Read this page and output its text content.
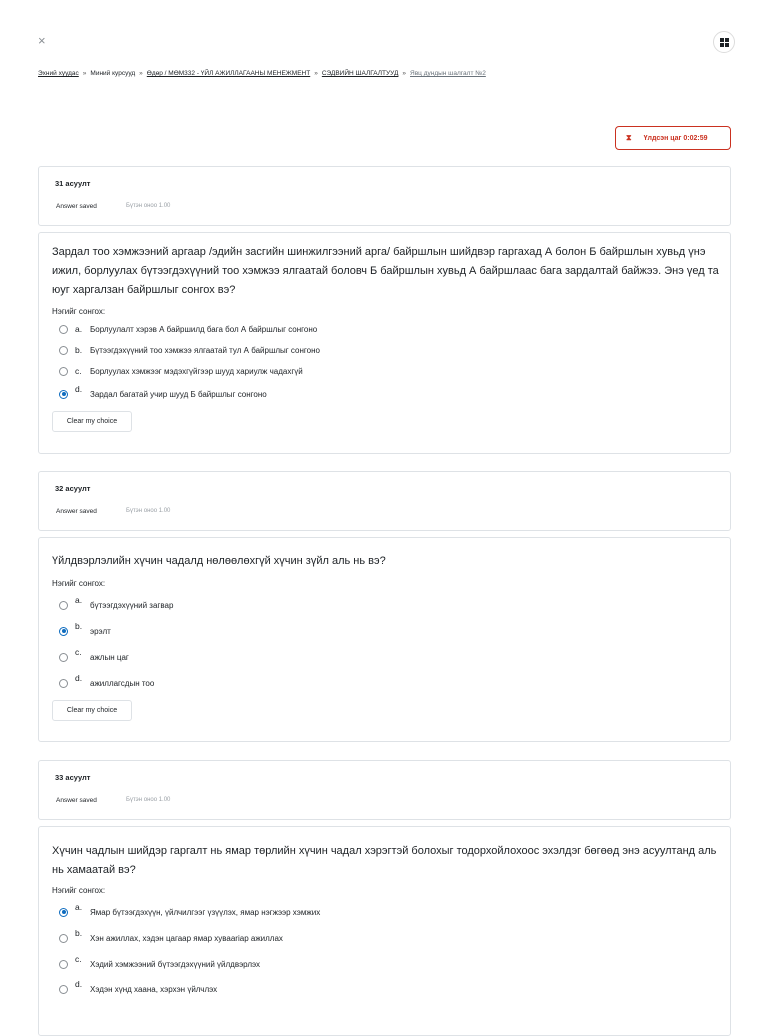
×
Эхний хуудас » Миний курсууд » Өдөр / МӨМ332 - ҮЙЛ АЖИЛЛАГААНЫ МЕНЕЖМЕНТ » СЭДВИЙН ШАЛГАЛТУУД » Явц дундын шалгалт №2
⧗ Үлдсэн цаг 0:02:59
31 асуулт
Answer saved	Бүтэн оноо 1.00
Зардал тоо хэмжээний аргаар /эдийн засгийн шинжилгээний арга/ байршлын шийдвэр гаргахад А болон Б байршлын хувьд үнэ ижил, борлуулах бүтээгдэхүүний тоо хэмжээ ялгаатай боловч Б байршлын хувьд А байршлаас бага зардалтай байжээ. Энэ үед та юуг харгалзан байршлыг сонгох вэ?
Нэгийг сонгох:
a. Борлуулалт хэрэв А байршилд бага бол А байршлыг сонгоно
b. Бүтээгдэхүүний тоо хэмжээ ялгаатай тул А байршлыг сонгоно
c.	Борлуулах хэмжээг мэдэхгүйгээр шууд хариулж чадахгүй
d. Зардал багатай учир шууд Б байршлыг сонгоно
Clear my choice
32 асуулт
Answer saved	Бүтэн оноо 1.00
Үйлдвэрлэлийн хүчин чадалд нөлөөлөхгүй хүчин зүйл аль нь вэ?
Нэгийг сонгох:
a. бүтээгдэхүүний загвар
b. эрэлт
c.	ажлын цаг
d. ажиллагсдын тоо
Clear my choice
33 асуулт
Answer saved	Бүтэн оноо 1.00
Хүчин чадлын шийдэр гаргалт нь ямар төрлийн хүчин чадал хэрэгтэй болохыг тодорхойлохоос эхэлдэг бөгөөд энэ асуултанд аль нь хамаатай вэ?
Нэгийг сонгох:
a. Ямар бүтээгдэхүүн, үйлчилгээг үзүүлэх, ямар нэгжээр хэмжих
b. Хэн ажиллах, хэдэн цагаар ямар хувааriар ажиллах
c.	Хэдий хэмжээний бүтээгдэхүүний үйлдвэрлэх
d. Хэдэн хүнд хаана, хэрхэн үйлчлэх
